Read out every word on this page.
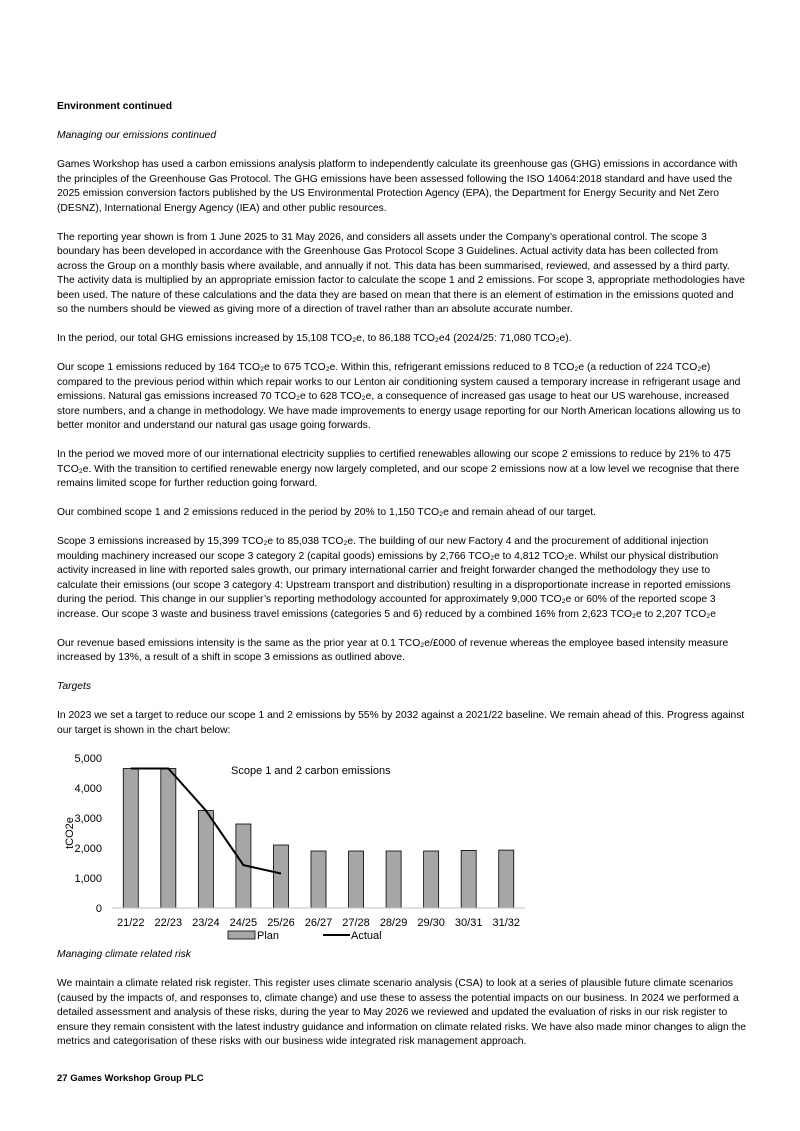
Environment continued

Managing our emissions continued

Games Workshop has used a carbon emissions analysis platform to independently calculate its greenhouse gas (GHG) emissions in accordance with the principles of the Greenhouse Gas Protocol. The GHG emissions have been assessed following the ISO 14064:2018 standard and have used the 2025 emission conversion factors published by the US Environmental Protection Agency (EPA), the Department for Energy Security and Net Zero (DESNZ), International Energy Agency (IEA) and other public resources.

The reporting year shown is from 1 June 2025 to 31 May 2026, and considers all assets under the Company’s operational control. The scope 3 boundary has been developed in accordance with the Greenhouse Gas Protocol Scope 3 Guidelines. Actual activity data has been collected from across the Group on a monthly basis where available, and annually if not. This data has been summarised, reviewed, and assessed by a third party. The activity data is multiplied by an appropriate emission factor to calculate the scope 1 and 2 emissions. For scope 3, appropriate methodologies have been used. The nature of these calculations and the data they are based on mean that there is an element of estimation in the emissions quoted and so the numbers should be viewed as giving more of a direction of travel rather than an absolute accurate number.

In the period, our total GHG emissions increased by 15,108 TCO₂e, to 86,188 TCO₂e4 (2024/25: 71,080 TCO₂e).

Our scope 1 emissions reduced by 164 TCO₂e to 675 TCO₂e. Within this, refrigerant emissions reduced to 8 TCO₂e (a reduction of 224 TCO₂e) compared to the previous period within which repair works to our Lenton air conditioning system caused a temporary increase in refrigerant usage and emissions. Natural gas emissions increased 70 TCO₂e to 628 TCO₂e, a consequence of increased gas usage to heat our US warehouse, increased store numbers, and a change in methodology. We have made improvements to energy usage reporting for our North American locations allowing us to better monitor and understand our natural gas usage going forwards.

In the period we moved more of our international electricity supplies to certified renewables allowing our scope 2 emissions to reduce by 21% to 475 TCO₂e. With the transition to certified renewable energy now largely completed, and our scope 2 emissions now at a low level we recognise that there remains limited scope for further reduction going forward.

Our combined scope 1 and 2 emissions reduced in the period by 20% to 1,150 TCO₂e and remain ahead of our target.

Scope 3 emissions increased by 15,399 TCO₂e to 85,038 TCO₂e. The building of our new Factory 4 and the procurement of additional injection moulding machinery increased our scope 3 category 2 (capital goods) emissions by 2,766 TCO₂e to 4,812 TCO₂e. Whilst our physical distribution activity increased in line with reported sales growth, our primary international carrier and freight forwarder changed the methodology they use to calculate their emissions (our scope 3 category 4: Upstream transport and distribution) resulting in a disproportionate increase in reported emissions during the period. This change in our supplier’s reporting methodology accounted for approximately 9,000 TCO₂e or 60% of the reported scope 3 increase. Our scope 3 waste and business travel emissions (categories 5 and 6) reduced by a combined 16% from 2,623 TCO₂e to 2,207 TCO₂e

Our revenue based emissions intensity is the same as the prior year at 0.1 TCO₂e/£000 of revenue whereas the employee based intensity measure increased by 13%, a result of a shift in scope 3 emissions as outlined above.

Targets

In 2023 we set a target to reduce our scope 1 and 2 emissions by 55% by 2032 against a 2021/22 baseline. We remain ahead of this. Progress against our target is shown in the chart below:

0
1,000
2,000
3,000
4,000
5,000
tCO2e
21/22 22/23 23/24 24/25 25/26 26/27 27/28 28/29 29/30 30/31 31/32
Scope 1 and 2 carbon emissions
Plan	Actual

Managing climate related risk

We maintain a climate related risk register. This register uses climate scenario analysis (CSA) to look at a series of plausible future climate scenarios (caused by the impacts of, and responses to, climate change) and use these to assess the potential impacts on our business. In 2024 we performed a detailed assessment and analysis of these risks, during the year to May 2026 we reviewed and updated the evaluation of risks in our risk register to ensure they remain consistent with the latest industry guidance and information on climate related risks. We have also made minor changes to align the metrics and categorisation of these risks with our business wide integrated risk management approach.

27 Games Workshop Group PLC
